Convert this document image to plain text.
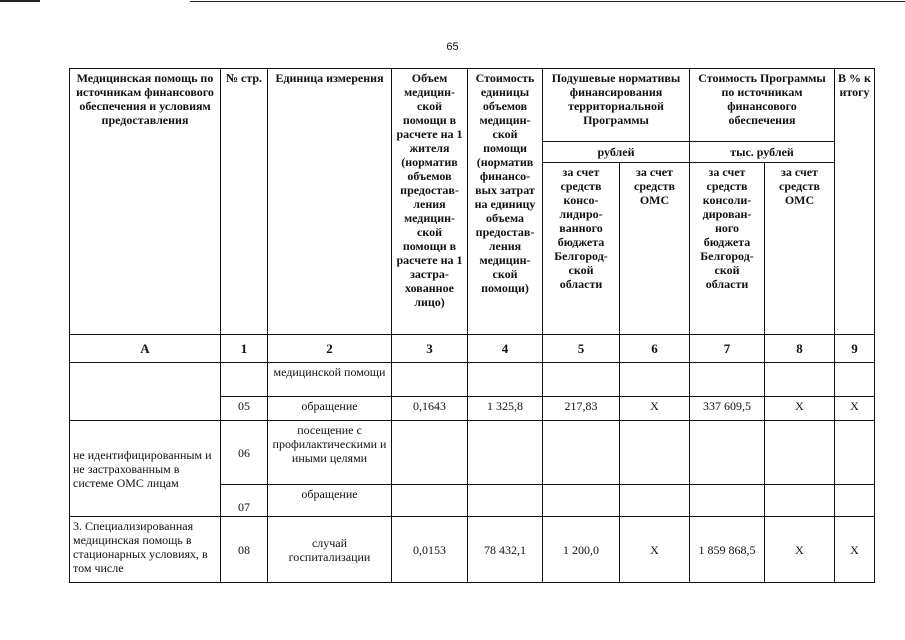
65
Медицинская помощь по источникам финансового обеспечения и условиям предоставления	№ стр.	Единица измерения	Объем медицин-ской помощи в расчете на 1 жителя (норматив объемов предостав-ления медицин-ской помощи в расчете на 1 застра-хованное лицо)	Стоимость единицы объемов медицин-ской помощи (норматив финансо-вых затрат на единицу объема предостав-ления медицин-ской помощи)	Подушевые нормативы финансирования территориальной Программы		Стоимость Программы по источникам финансового обеспечения		В % к итогу
					рублей		тыс. рублей		
					за счет средств консо-лидиро-ванного бюджета Белгород-ской области	за счет средств ОМС	за счет средств консоли-дирован-ного бюджета Белгород-ской области	за счет средств ОМС	
А	1	2	3	4	5	6	7	8	9
		медицинской помощи							
	05	обращение	0,1643	1 325,8	217,83	Х	337 609,5	Х	Х
не идентифицированным и не застрахованным в системе ОМС лицам	06	посещение с профилактическими и иными целями							
	07	обращение							
3. Специализированная медицинская помощь в стационарных условиях, в том числе	08	случай госпитализации	0,0153	78 432,1	1 200,0	Х	1 859 868,5	Х	Х
